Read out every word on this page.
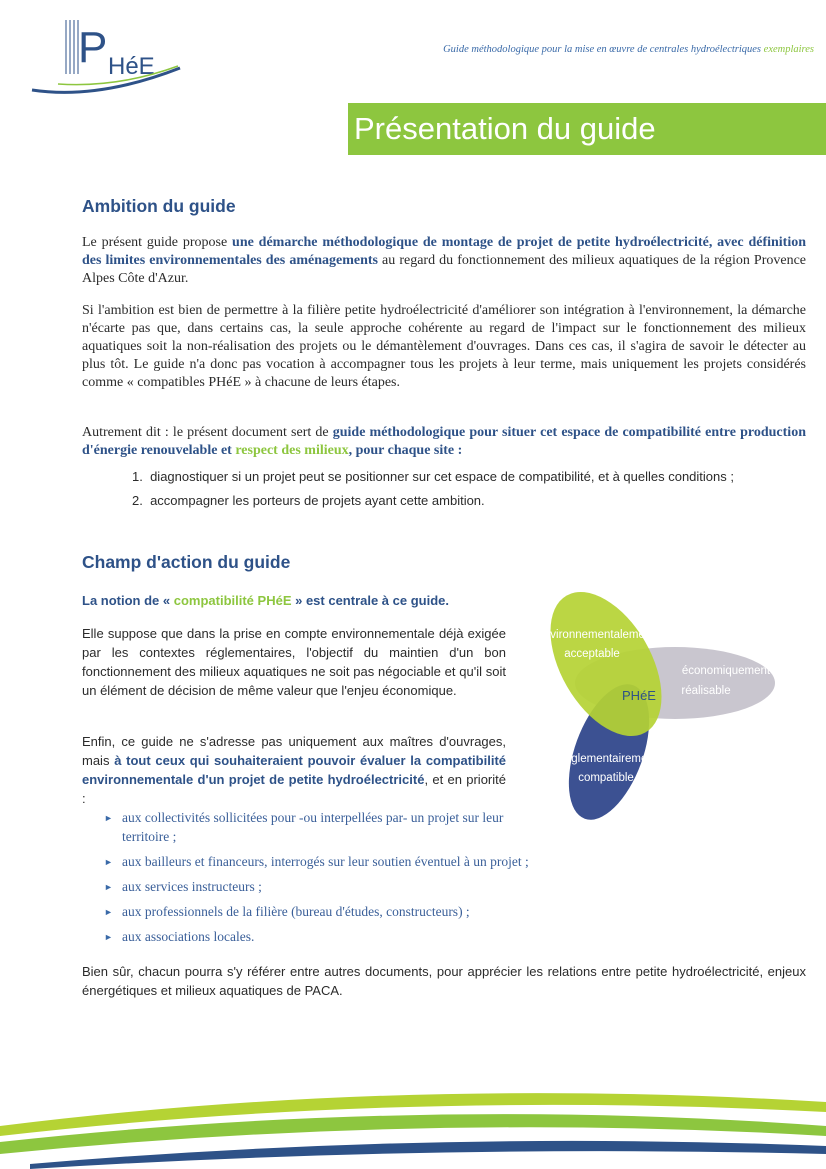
P HéE
Guide méthodologique pour la mise en œuvre de centrales hydroélectriques exemplaires
Présentation du guide
Ambition du guide

Le présent guide propose une démarche méthodologique de montage de projet de petite hydroélectricité, avec définition des limites environnementales des aménagements au regard du fonctionnement des milieux aquatiques de la région Provence Alpes Côte d'Azur.

Si l'ambition est bien de permettre à la filière petite hydroélectricité d'améliorer son intégration à l'environnement, la démarche n'écarte pas que, dans certains cas, la seule approche cohérente au regard de l'impact sur le fonctionnement des milieux aquatiques soit la non-réalisation des projets ou le démantèlement d'ouvrages. Dans ces cas, il s'agira de savoir le détecter au plus tôt. Le guide n'a donc pas vocation à accompagner tous les projets à leur terme, mais uniquement les projets considérés comme « compatibles PHéE » à chacune de leurs étapes.

Autrement dit : le présent document sert de guide méthodologique pour situer cet espace de compatibilité entre production d'énergie renouvelable et respect des milieux, pour chaque site :

1. diagnostiquer si un projet peut se positionner sur cet espace de compatibilité, et à quelles conditions ;
2. accompagner les porteurs de projets ayant cette ambition.
Champ d'action du guide
La notion de « compatibilité PHéE » est centrale à ce guide.

Elle suppose que dans la prise en compte environnementale déjà exigée par les contextes réglementaires, l'objectif du maintien d'un bon fonctionnement des milieux aquatiques ne soit pas négociable et qu'il soit un élément de décision de même valeur que l'enjeu économique.

Enfin, ce guide ne s'adresse pas uniquement aux maîtres d'ouvrages, mais à tout ceux qui souhaiteraient pouvoir évaluer la compatibilité environnementale d'un projet de petite hydroélectricité, et en priorité :

► aux collectivités sollicitées pour -ou interpellées par- un projet sur leur territoire ;
► aux bailleurs et financeurs, interrogés sur leur soutien éventuel à un projet ;
► aux services instructeurs ;
► aux professionnels de la filière (bureau d'études, constructeurs) ;
► aux associations locales.

Bien sûr, chacun pourra s'y référer entre autres documents, pour apprécier les relations entre petite hydroélectricité, enjeux énergétiques et milieux aquatiques de PACA.

environnementalement
acceptable
économiquement
réalisable
réglementairement
compatible
PHéE
